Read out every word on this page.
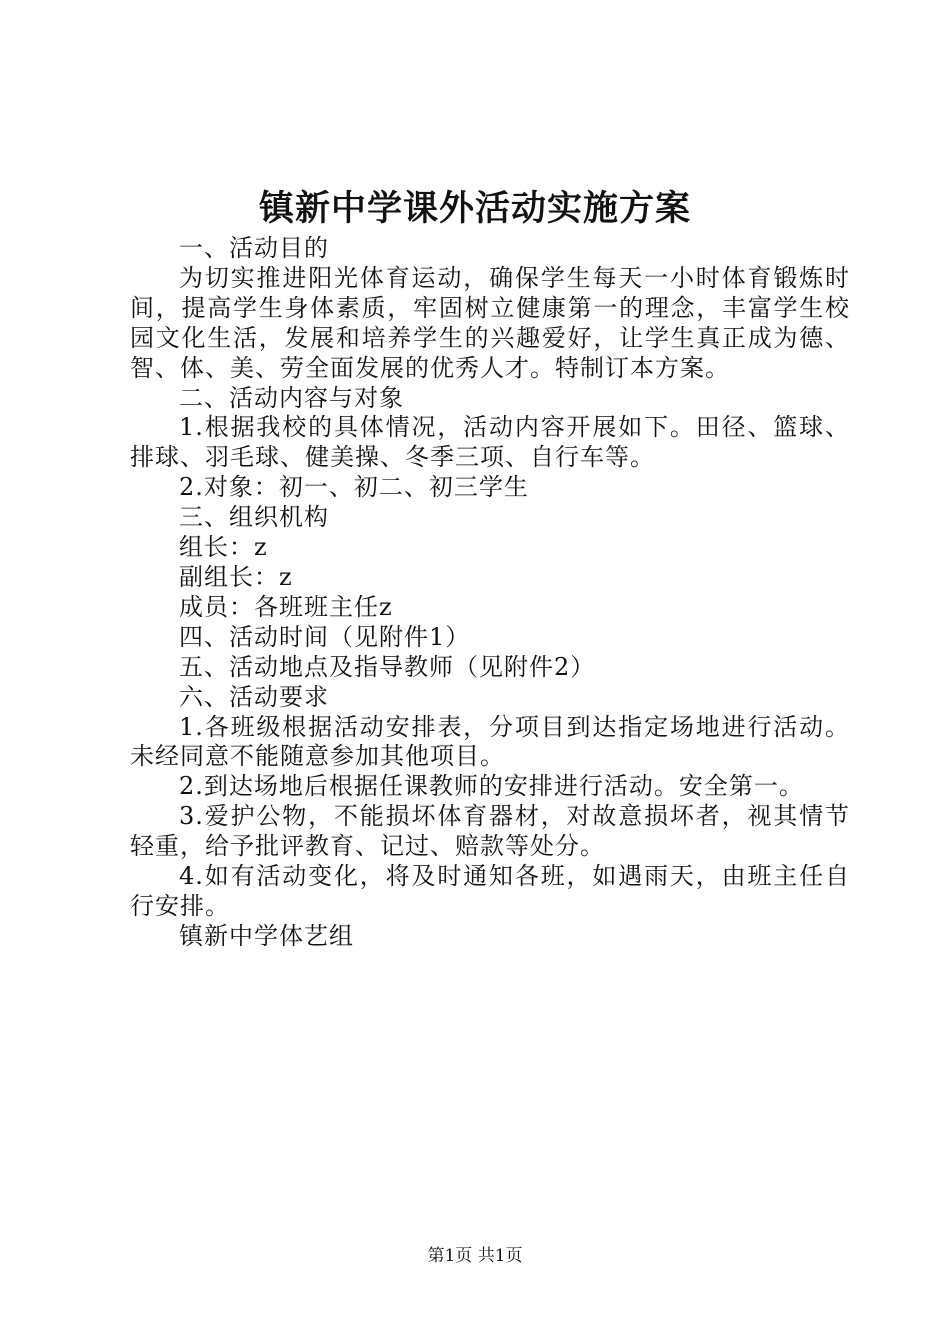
镇新中学课外活动实施方案

一、活动目的

为切实推进阳光体育运动，确保学生每天一小时体育锻炼时间，提高学生身体素质，牢固树立健康第一的理念，丰富学生校园文化生活，发展和培养学生的兴趣爱好，让学生真正成为德、智、体、美、劳全面发展的优秀人才。特制订本方案。

二、活动内容与对象

1.根据我校的具体情况，活动内容开展如下。田径、篮球、排球、羽毛球、健美操、冬季三项、自行车等。

2.对象：初一、初二、初三学生

三、组织机构

组长：z

副组长：z

成员：各班班主任z

四、活动时间（见附件1）

五、活动地点及指导教师（见附件2）

六、活动要求

1.各班级根据活动安排表，分项目到达指定场地进行活动。未经同意不能随意参加其他项目。

2.到达场地后根据任课教师的安排进行活动。安全第一。

3.爱护公物，不能损坏体育器材，对故意损坏者，视其情节轻重，给予批评教育、记过、赔款等处分。

4.如有活动变化，将及时通知各班，如遇雨天，由班主任自行安排。

镇新中学体艺组

第1页 共1页
